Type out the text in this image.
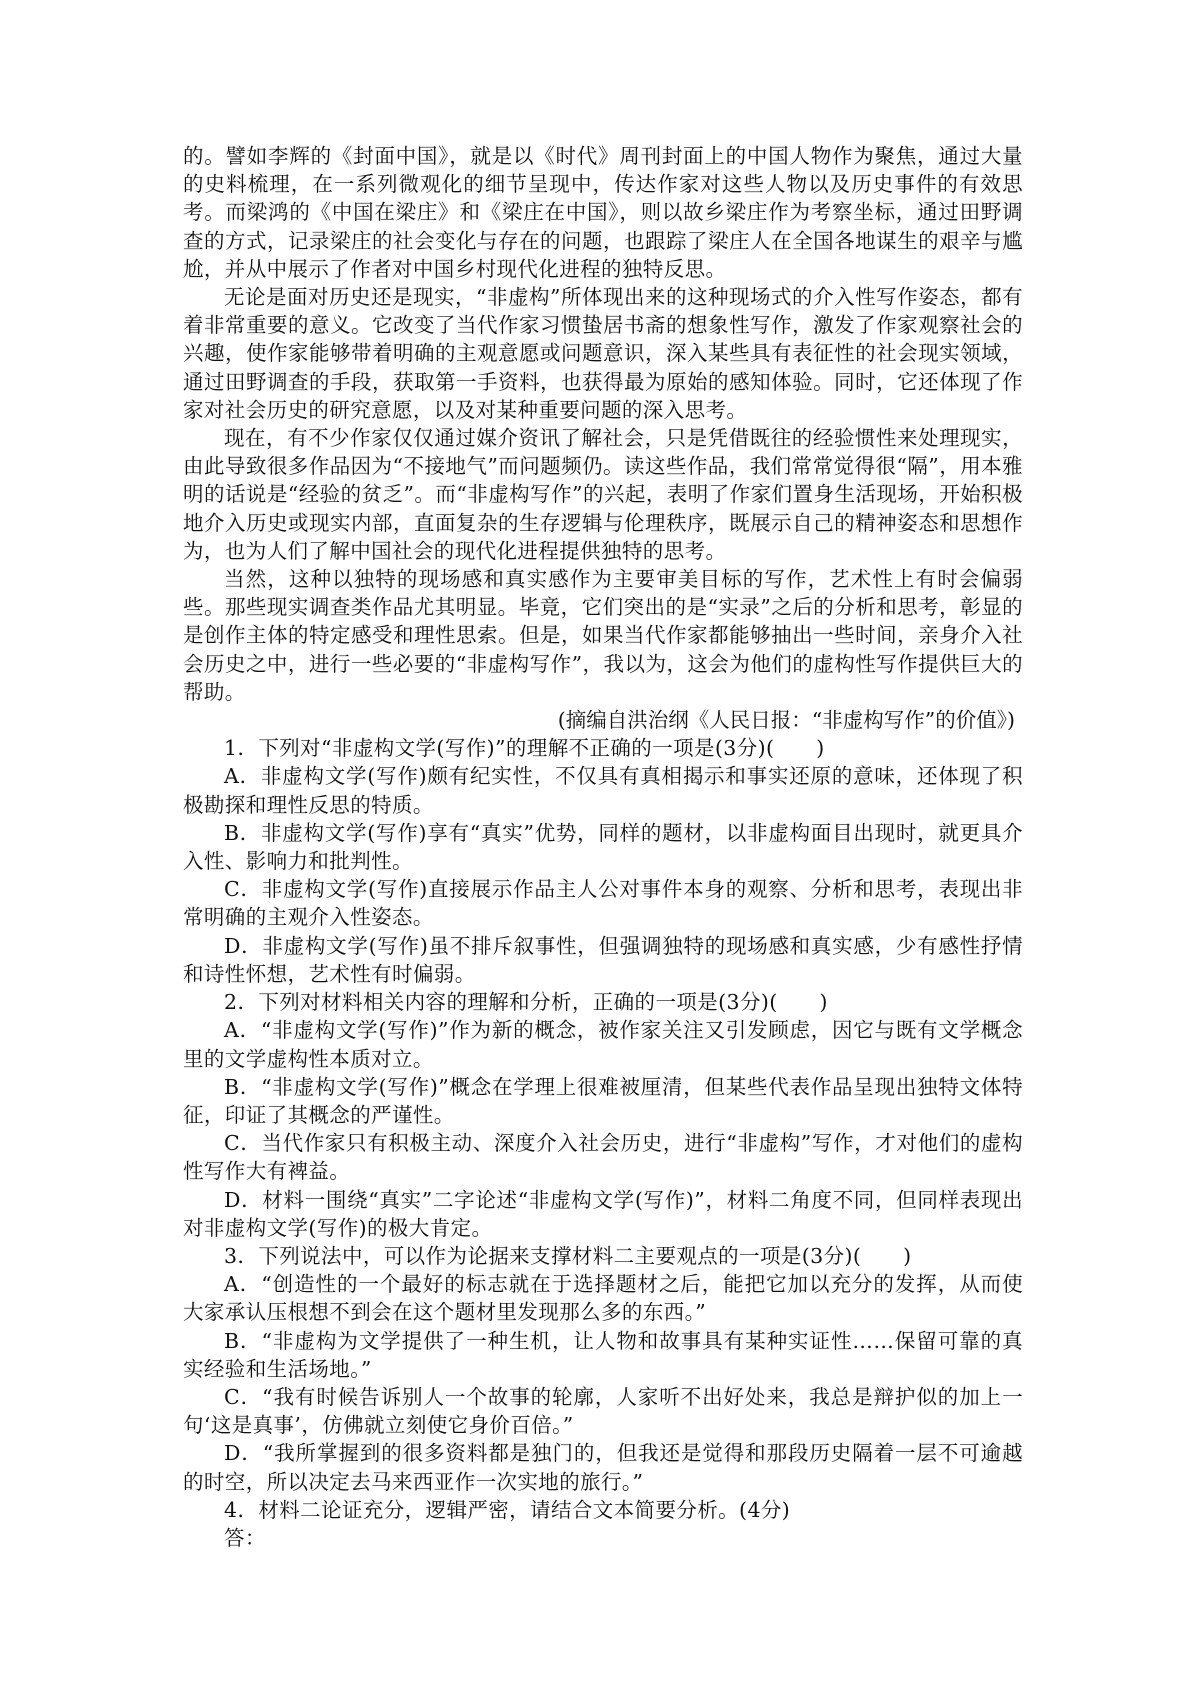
的。譬如李辉的《封面中国》，就是以《时代》周刊封面上的中国人物作为聚焦，通过大量的史料梳理，在一系列微观化的细节呈现中，传达作家对这些人物以及历史事件的有效思考。而梁鸿的《中国在梁庄》和《梁庄在中国》，则以故乡梁庄作为考察坐标，通过田野调查的方式，记录梁庄的社会变化与存在的问题，也跟踪了梁庄人在全国各地谋生的艰辛与尴尬，并从中展示了作者对中国乡村现代化进程的独特反思。

无论是面对历史还是现实，“非虚构”所体现出来的这种现场式的介入性写作姿态，都有着非常重要的意义。它改变了当代作家习惯蛰居书斋的想象性写作，激发了作家观察社会的兴趣，使作家能够带着明确的主观意愿或问题意识，深入某些具有表征性的社会现实领域，通过田野调查的手段，获取第一手资料，也获得最为原始的感知体验。同时，它还体现了作家对社会历史的研究意愿，以及对某种重要问题的深入思考。

现在，有不少作家仅仅通过媒介资讯了解社会，只是凭借既往的经验惯性来处理现实，由此导致很多作品因为“不接地气”而问题频仍。读这些作品，我们常常觉得很“隔”，用本雅明的话说是“经验的贫乏”。而“非虚构写作”的兴起，表明了作家们置身生活现场，开始积极地介入历史或现实内部，直面复杂的生存逻辑与伦理秩序，既展示自己的精神姿态和思想作为，也为人们了解中国社会的现代化进程提供独特的思考。

当然，这种以独特的现场感和真实感作为主要审美目标的写作，艺术性上有时会偏弱些。那些现实调查类作品尤其明显。毕竟，它们突出的是“实录”之后的分析和思考，彰显的是创作主体的特定感受和理性思索。但是，如果当代作家都能够抽出一些时间，亲身介入社会历史之中，进行一些必要的“非虚构写作”，我以为，这会为他们的虚构性写作提供巨大的帮助。

(摘编自洪治纲《人民日报：“非虚构写作”的价值》)

1．下列对“非虚构文学(写作)”的理解不正确的一项是(3分)(　　)

A．非虚构文学(写作)颇有纪实性，不仅具有真相揭示和事实还原的意味，还体现了积极勘探和理性反思的特质。

B．非虚构文学(写作)享有“真实”优势，同样的题材，以非虚构面目出现时，就更具介入性、影响力和批判性。

C．非虚构文学(写作)直接展示作品主人公对事件本身的观察、分析和思考，表现出非常明确的主观介入性姿态。

D．非虚构文学(写作)虽不排斥叙事性，但强调独特的现场感和真实感，少有感性抒情和诗性怀想，艺术性有时偏弱。

2．下列对材料相关内容的理解和分析，正确的一项是(3分)(　　)

A．“非虚构文学(写作)”作为新的概念，被作家关注又引发顾虑，因它与既有文学概念里的文学虚构性本质对立。

B．“非虚构文学(写作)”概念在学理上很难被厘清，但某些代表作品呈现出独特文体特征，印证了其概念的严谨性。

C．当代作家只有积极主动、深度介入社会历史，进行“非虚构”写作，才对他们的虚构性写作大有裨益。

D．材料一围绕“真实”二字论述“非虚构文学(写作)”，材料二角度不同，但同样表现出对非虚构文学(写作)的极大肯定。

3．下列说法中，可以作为论据来支撑材料二主要观点的一项是(3分)(　　)

A．“创造性的一个最好的标志就在于选择题材之后，能把它加以充分的发挥，从而使大家承认压根想不到会在这个题材里发现那么多的东西。”

B．“非虚构为文学提供了一种生机，让人物和故事具有某种实证性……保留可靠的真实经验和生活场地。”

C．“我有时候告诉别人一个故事的轮廓，人家听不出好处来，我总是辩护似的加上一句‘这是真事’，仿佛就立刻使它身价百倍。”

D．“我所掌握到的很多资料都是独门的，但我还是觉得和那段历史隔着一层不可逾越的时空，所以决定去马来西亚作一次实地的旅行。”

4．材料二论证充分，逻辑严密，请结合文本简要分析。(4分)

答：
